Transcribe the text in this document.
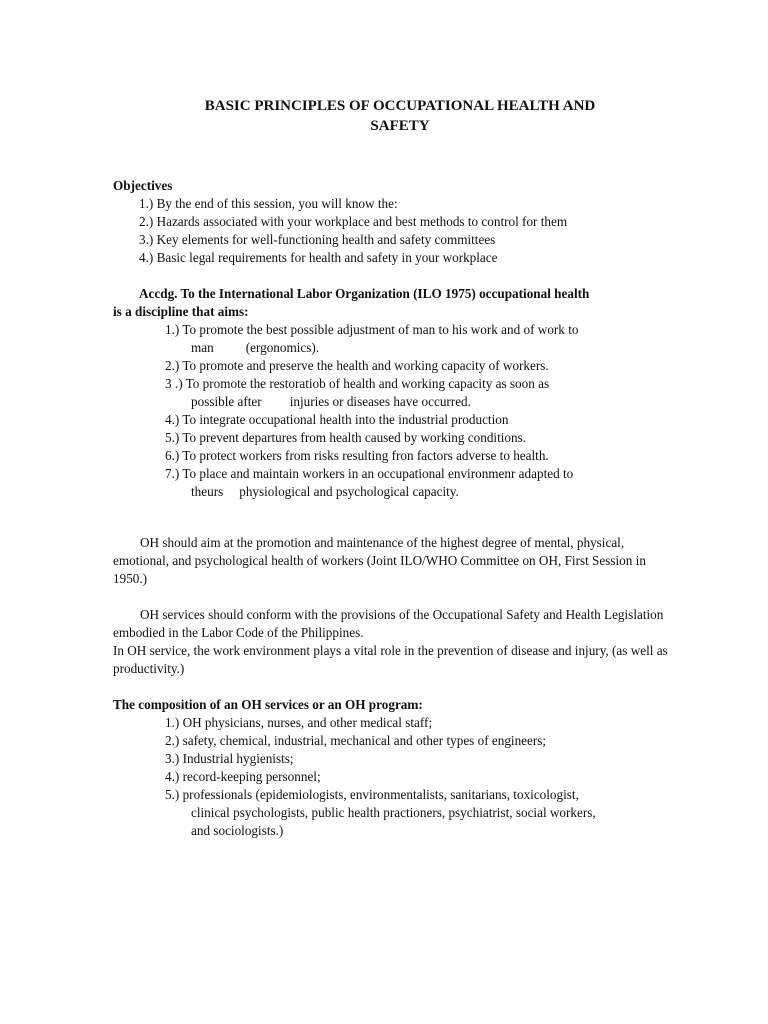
BASIC PRINCIPLES OF OCCUPATIONAL HEALTH AND
SAFETY
Objectives
1.) By the end of this session, you will know the:
2.) Hazards associated with your workplace and best methods to control for them
3.) Key elements for well-functioning health and safety committees
4.) Basic legal requirements for health and safety in your workplace
Accdg. To the International Labor Organization (ILO 1975) occupational health
is a discipline that aims:
1.) To promote the best possible adjustment of man to his work and of work to
man (ergonomics).
2.) To promote and preserve the health and working capacity of workers.
3 .) To promote the restoratiob of health and working capacity as soon as
possible after injuries or diseases have occurred.
4.) To integrate occupational health into the industrial production
5.) To prevent departures from health caused by working conditions.
6.) To protect workers from risks resulting fron factors adverse to health.
7.) To place and maintain workers in an occupational environmenr adapted to
theurs physiological and psychological capacity.
OH should aim at the promotion and maintenance of the highest degree of mental, physical, emotional, and psychological health of workers (Joint ILO/WHO Committee on OH, First Session in 1950.)
OH services should conform with the provisions of the Occupational Safety and Health Legislation embodied in the Labor Code of the Philippines.
In OH service, the work environment plays a vital role in the prevention of disease and injury, (as well as productivity.)
The composition of an OH services or an OH program:
1.) OH physicians, nurses, and other medical staff;
2.) safety, chemical, industrial, mechanical and other types of engineers;
3.) Industrial hygienists;
4.) record-keeping personnel;
5.) professionals (epidemiologists, environmentalists, sanitarians, toxicologist,
clinical psychologists, public health practioners, psychiatrist, social workers,
and sociologists.)
